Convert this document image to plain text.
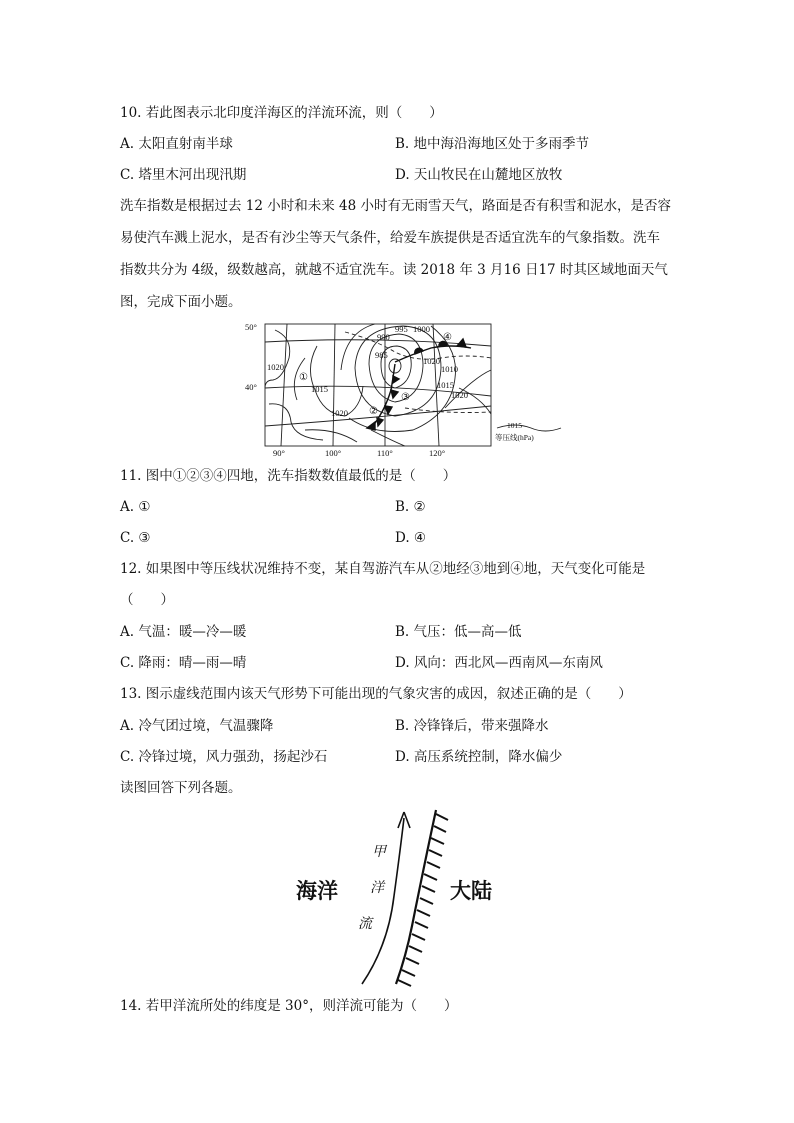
10. 若此图表示北印度洋海区的洋流环流，则（　　）
A. 太阳直射南半球	B. 地中海沿海地区处于多雨季节
C. 塔里木河出现汛期	D. 天山牧民在山麓地区放牧
洗车指数是根据过去 12 小时和未来 48 小时有无雨雪天气，路面是否有积雪和泥水，是否容
易使汽车溅上泥水，是否有沙尘等天气条件，给爱车族提供是否适宜洗车的气象指数。洗车
指数共分为 4级，级数越高，就越不适宜洗车。读 2018 年 3 月16 日17 时其区域地面天气
图，完成下面小题。
50°
40°
90°	100°	110°	120°
995 1000
990
985
1020
1010
1015
1020
1015
1020
①
②
③
④
1020
1015
等压线(hPa)
11. 图中①②③④四地，洗车指数数值最低的是（　　）
A. ①	B. ②
C. ③	D. ④
12. 如果图中等压线状况维持不变，某自驾游汽车从②地经③地到④地，天气变化可能是
（　　）
A. 气温：暖—冷—暖	B. 气压：低—高—低
C. 降雨：晴—雨—晴	D. 风向：西北风—西南风—东南风
13. 图示虚线范围内该天气形势下可能出现的气象灾害的成因，叙述正确的是（　　）
A. 冷气团过境，气温骤降	B. 冷锋锋后，带来强降水
C. 冷锋过境，风力强劲，扬起沙石	D. 高压系统控制，降水偏少
读图回答下列各题。
海洋	大陆
甲
洋
流
14. 若甲洋流所处的纬度是 30°，则洋流可能为（　　）
